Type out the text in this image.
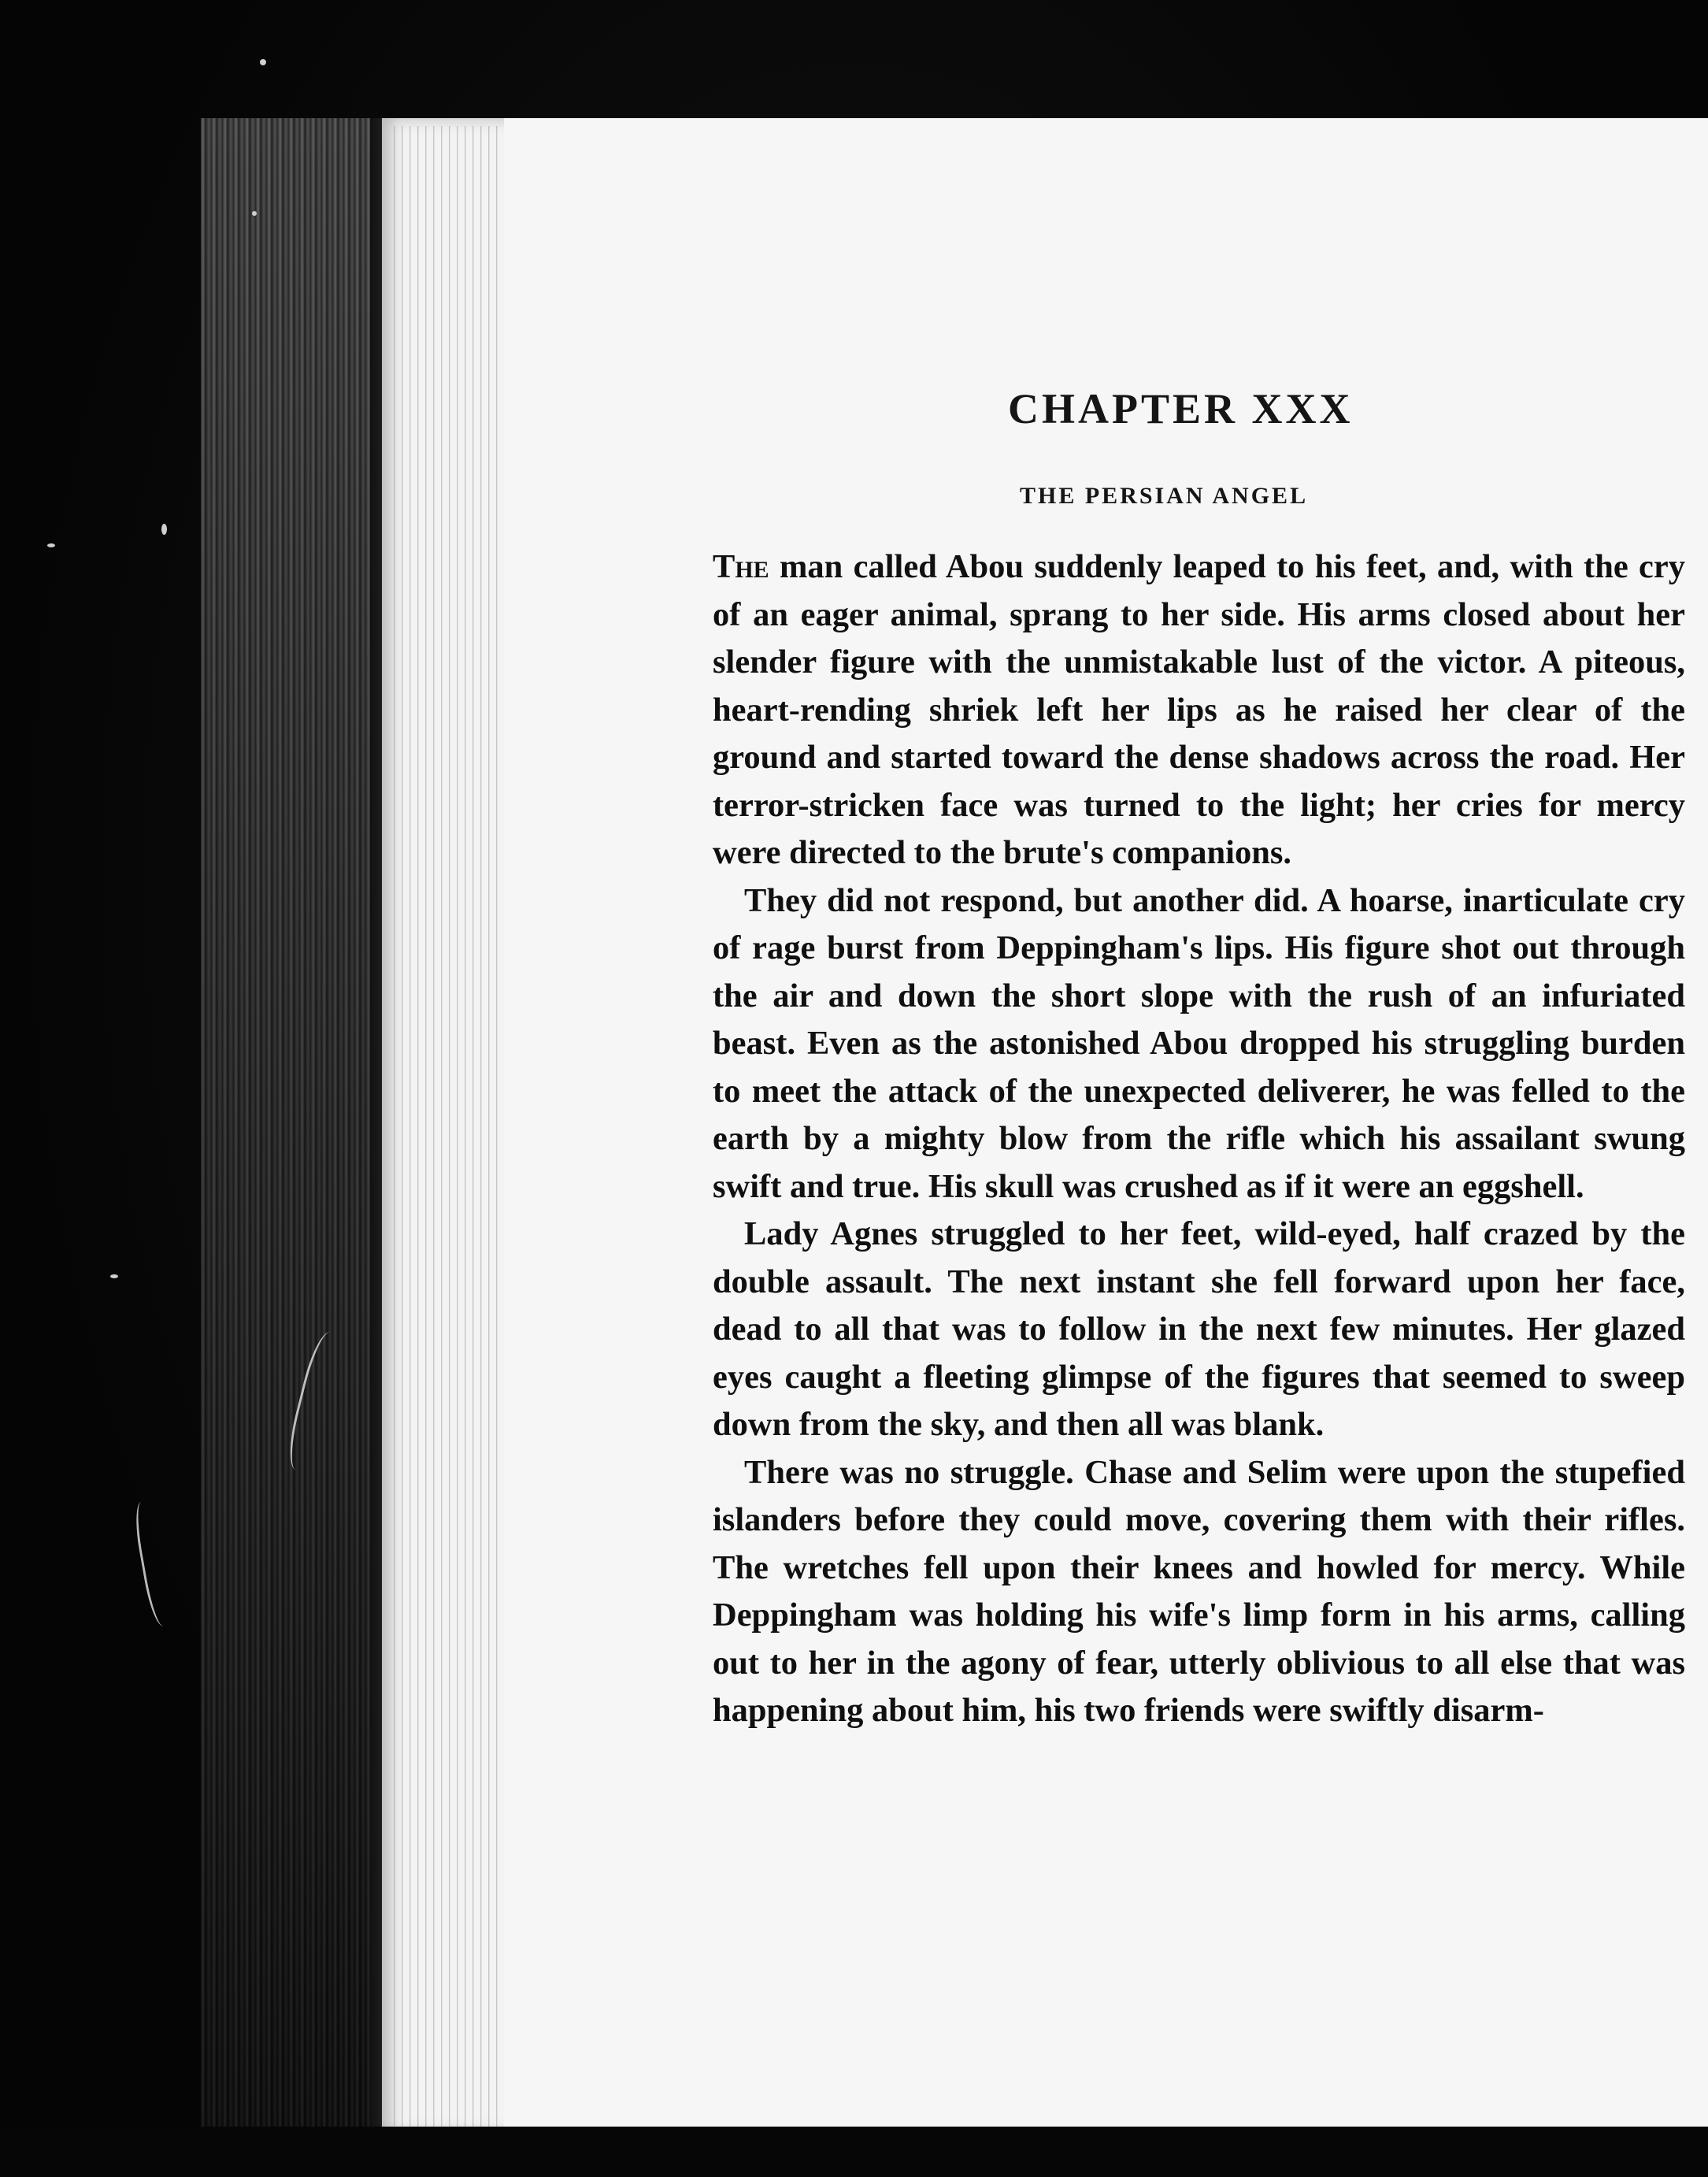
CHAPTER XXX
THE PERSIAN ANGEL

The man called Abou suddenly leaped to his feet, and, with the cry of an eager animal, sprang to her side. His arms closed about her slender figure with the unmistakable lust of the victor. A piteous, heart-rending shriek left her lips as he raised her clear of the ground and started toward the dense shadows across the road. Her terror-stricken face was turned to the light; her cries for mercy were directed to the brute's companions.

They did not respond, but another did. A hoarse, inarticulate cry of rage burst from Deppingham's lips. His figure shot out through the air and down the short slope with the rush of an infuriated beast. Even as the astonished Abou dropped his struggling burden to meet the attack of the unexpected deliverer, he was felled to the earth by a mighty blow from the rifle which his assailant swung swift and true. His skull was crushed as if it were an eggshell.

Lady Agnes struggled to her feet, wild-eyed, half crazed by the double assault. The next instant she fell forward upon her face, dead to all that was to follow in the next few minutes. Her glazed eyes caught a fleeting glimpse of the figures that seemed to sweep down from the sky, and then all was blank.

There was no struggle. Chase and Selim were upon the stupefied islanders before they could move, covering them with their rifles. The wretches fell upon their knees and howled for mercy. While Deppingham was holding his wife's limp form in his arms, calling out to her in the agony of fear, utterly oblivious to all else that was happening about him, his two friends were swiftly disarm-
